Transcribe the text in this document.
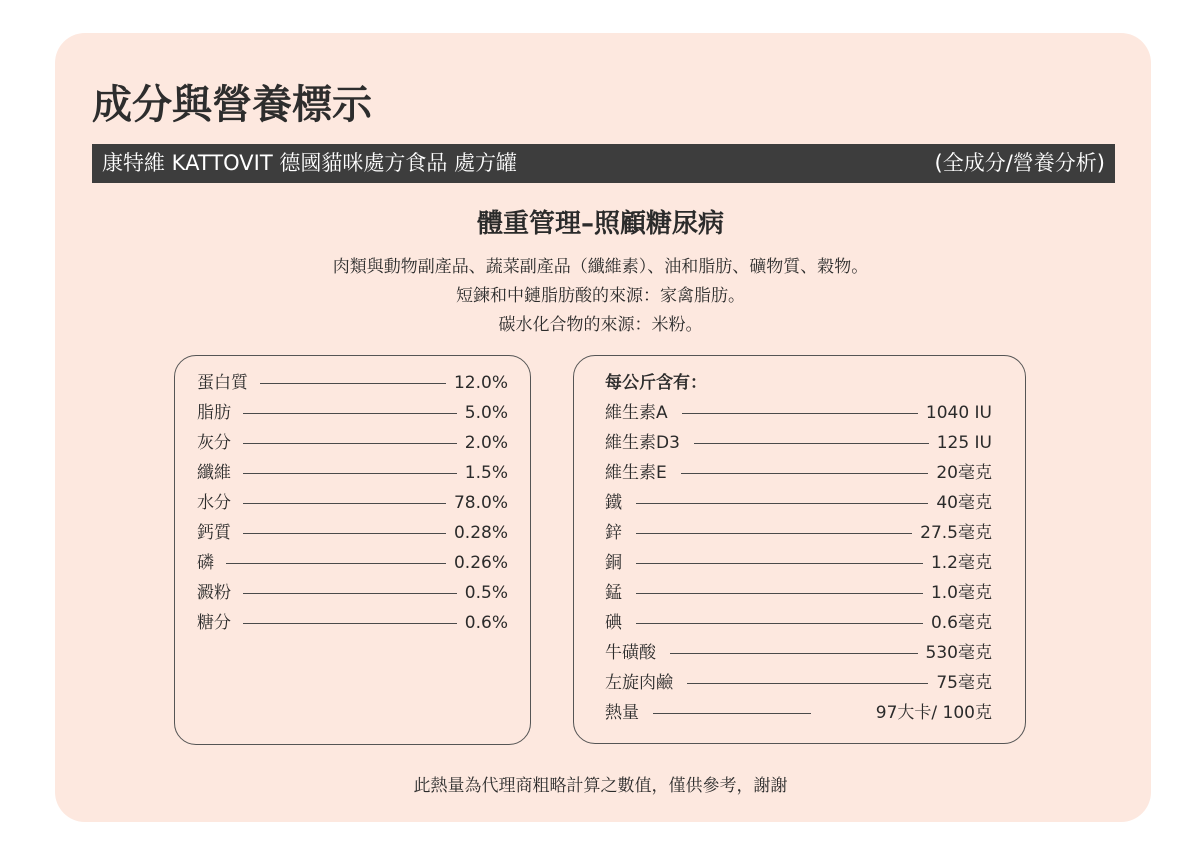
成分與營養標示
康特維 KATTOVIT 德國貓咪處方食品 處方罐	(全成分/營養分析)
體重管理–照顧糖尿病
肉類與動物副產品、蔬菜副產品（纖維素）、油和脂肪、礦物質、穀物。
短鍊和中鏈脂肪酸的來源：家禽脂肪。
碳水化合物的來源：米粉。
蛋白質	12.0%
脂肪	5.0%
灰分	2.0%
纖維	1.5%
水分	78.0%
鈣質	0.28%
磷	0.26%
澱粉	0.5%
糖分	0.6%
每公斤含有：
維生素A	1040 IU
維生素D3	125 IU
維生素E	20毫克
鐵	40毫克
鋅	27.5毫克
銅	1.2毫克
錳	1.0毫克
碘	0.6毫克
牛磺酸	530毫克
左旋肉鹼	75毫克
熱量	97大卡/ 100克
此熱量為代理商粗略計算之數值，僅供參考，謝謝
